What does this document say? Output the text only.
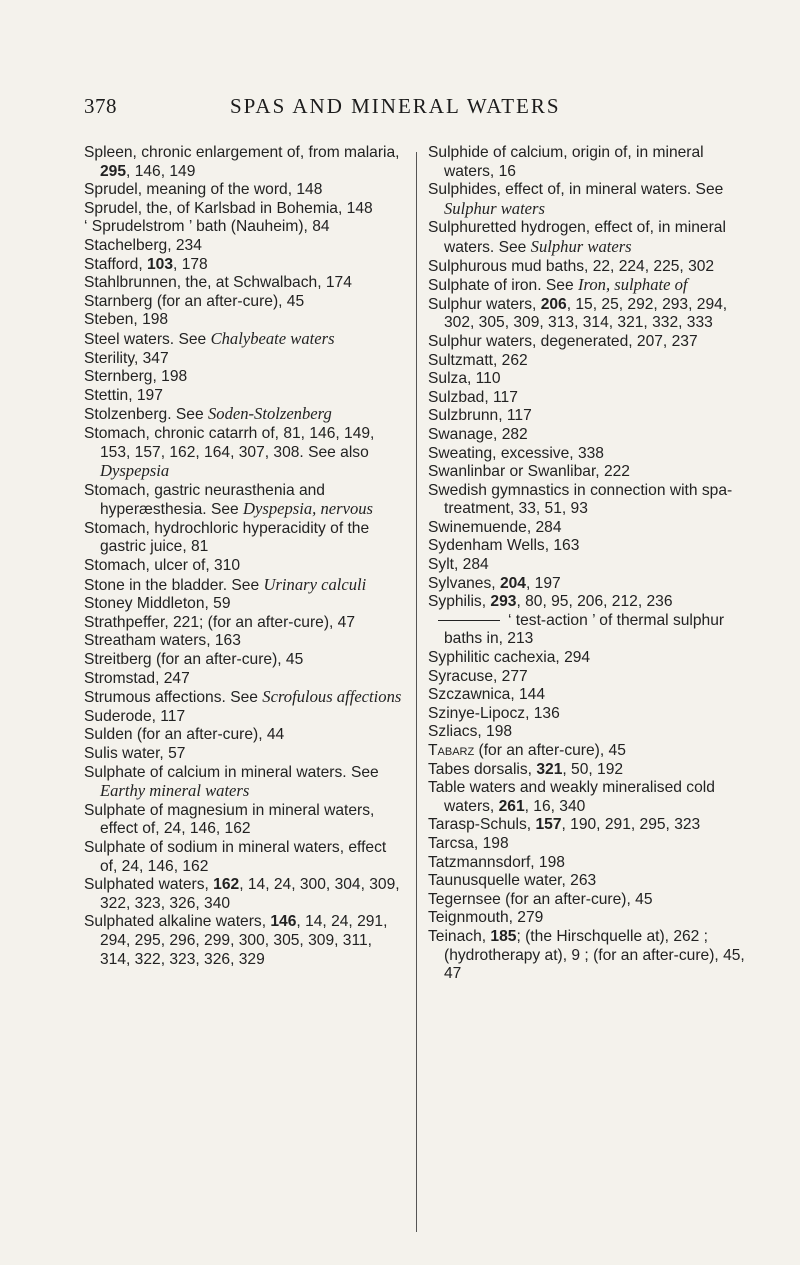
378	SPAS AND MINERAL WATERS

Spleen, chronic enlargement of, from malaria, 295, 146, 149

Sprudel, meaning of the word, 148

Sprudel, the, of Karlsbad in Bohemia, 148

‘ Sprudelstrom ’ bath (Nauheim), 84

Stachelberg, 234

Stafford, 103, 178

Stahlbrunnen, the, at Schwalbach, 174

Starnberg (for an after-cure), 45

Steben, 198

Steel waters. See Chalybeate waters

Sterility, 347

Sternberg, 198

Stettin, 197

Stolzenberg. See Soden-Stolzenberg

Stomach, chronic catarrh of, 81, 146, 149, 153, 157, 162, 164, 307, 308. See also Dyspepsia

Stomach, gastric neurasthenia and hyperæsthesia. See Dyspepsia, nervous

Stomach, hydrochloric hyperacidity of the gastric juice, 81

Stomach, ulcer of, 310

Stone in the bladder. See Urinary calculi

Stoney Middleton, 59

Strathpeffer, 221; (for an after-cure), 47

Streatham waters, 163

Streitberg (for an after-cure), 45

Stromstad, 247

Strumous affections. See Scrofulous affections

Suderode, 117

Sulden (for an after-cure), 44

Sulis water, 57

Sulphate of calcium in mineral waters. See Earthy mineral waters

Sulphate of magnesium in mineral waters, effect of, 24, 146, 162

Sulphate of sodium in mineral waters, effect of, 24, 146, 162

Sulphated waters, 162, 14, 24, 300, 304, 309, 322, 323, 326, 340

Sulphated alkaline waters, 146, 14, 24, 291, 294, 295, 296, 299, 300, 305, 309, 311, 314, 322, 323, 326, 329

Sulphide of calcium, origin of, in mineral waters, 16

Sulphides, effect of, in mineral waters. See Sulphur waters

Sulphuretted hydrogen, effect of, in mineral waters. See Sulphur waters

Sulphurous mud baths, 22, 224, 225, 302

Sulphate of iron. See Iron, sulphate of

Sulphur waters, 206, 15, 25, 292, 293, 294, 302, 305, 309, 313, 314, 321, 332, 333

Sulphur waters, degenerated, 207, 237

Sultzmatt, 262

Sulza, 110

Sulzbad, 117

Sulzbrunn, 117

Swanage, 282

Sweating, excessive, 338

Swanlinbar or Swanlibar, 222

Swedish gymnastics in connection with spa-treatment, 33, 51, 93

Swinemuende, 284

Sydenham Wells, 163

Sylt, 284

Sylvanes, 204, 197

Syphilis, 293, 80, 95, 206, 212, 236

‘ test-action ’ of thermal sulphur baths in, 213

Syphilitic cachexia, 294

Syracuse, 277

Szczawnica, 144

Szinye-Lipocz, 136

Szliacs, 198

Tabarz (for an after-cure), 45

Tabes dorsalis, 321, 50, 192

Table waters and weakly mineralised cold waters, 261, 16, 340

Tarasp-Schuls, 157, 190, 291, 295, 323

Tarcsa, 198

Tatzmannsdorf, 198

Taunusquelle water, 263

Tegernsee (for an after-cure), 45

Teignmouth, 279

Teinach, 185; (the Hirschquelle at), 262 ; (hydrotherapy at), 9 ; (for an after-cure), 45, 47
